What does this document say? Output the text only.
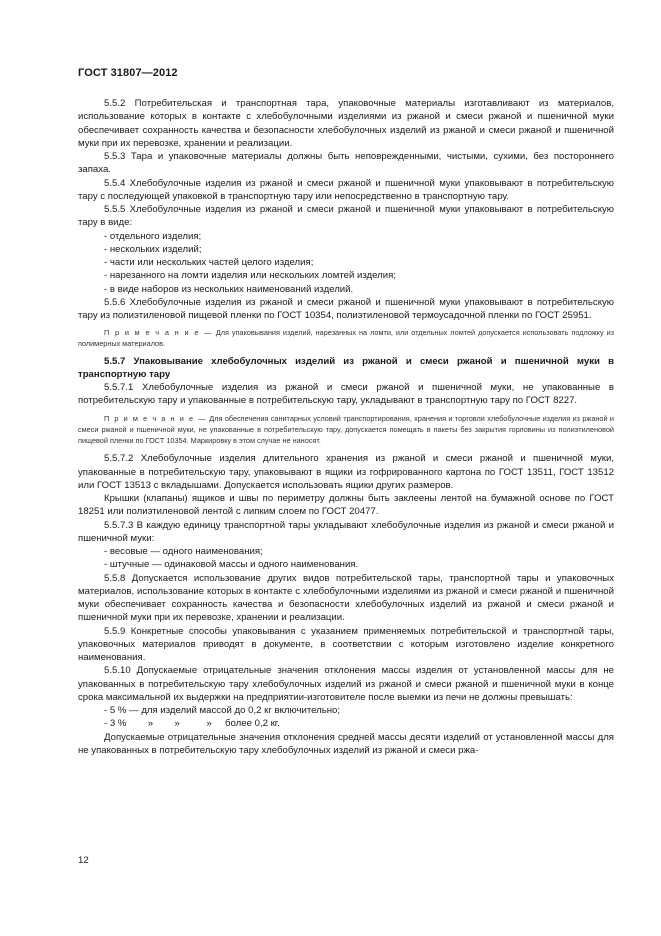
ГОСТ 31807—2012

5.5.2 Потребительская и транспортная тара, упаковочные материалы изготавливают из материалов, использование которых в контакте с хлебобулочными изделиями из ржаной и смеси ржаной и пшеничной муки обеспечивает сохранность качества и безопасности хлебобулочных изделий из ржаной и смеси ржаной и пшеничной муки при их перевозке, хранении и реализации.

5.5.3 Тара и упаковочные материалы должны быть неповрежденными, чистыми, сухими, без постороннего запаха.

5.5.4 Хлебобулочные изделия из ржаной и смеси ржаной и пшеничной муки упаковывают в потребительскую тару с последующей упаковкой в транспортную тару или непосредственно в транспортную тару.

5.5.5 Хлебобулочные изделия из ржаной и смеси ржаной и пшеничной муки упаковывают в потребительскую тару в виде:

- отдельного изделия;

- нескольких изделий;

- части или нескольких частей целого изделия;

- нарезанного на ломти изделия или нескольких ломтей изделия;

- в виде наборов из нескольких наименований изделий.

5.5.6 Хлебобулочные изделия из ржаной и смеси ржаной и пшеничной муки упаковывают в потребительскую тару из полиэтиленовой пищевой пленки по ГОСТ 10354, полиэтиленовой термоусадочной пленки по ГОСТ 25951.

П р и м е ч а н и е — Для упаковывания изделий, нарезанных на ломти, или отдельных ломтей допускается использовать подложку из полимерных материалов.

5.5.7 Упаковывание хлебобулочных изделий из ржаной и смеси ржаной и пшеничной муки в транспортную тару

5.5.7.1 Хлебобулочные изделия из ржаной и смеси ржаной и пшеничной муки, не упакованные в потребительскую тару и упакованные в потребительскую тару, укладывают в транспортную тару по ГОСТ 8227.

П р и м е ч а н и е — Для обеспечения санитарных условий транспортирования, хранения и торговли хлебобулочные изделия из ржаной и смеси ржаной и пшеничной муки, не упакованные в потребительскую тару, допускается помещать в пакеты без закрытия горловины из полиэтиленовой пищевой пленки по ГОСТ 10354. Маркировку в этом случае не наносят.

5.5.7.2 Хлебобулочные изделия длительного хранения из ржаной и смеси ржаной и пшеничной муки, упакованные в потребительскую тару, упаковывают в ящики из гофрированного картона по ГОСТ 13511, ГОСТ 13512 или ГОСТ 13513 с вкладышами. Допускается использовать ящики других размеров.

Крышки (клапаны) ящиков и швы по периметру должны быть заклеены лентой на бумажной основе по ГОСТ 18251 или полиэтиленовой лентой с липким слоем по ГОСТ 20477.

5.5.7.3 В каждую единицу транспортной тары укладывают хлебобулочные изделия из ржаной и смеси ржаной и пшеничной муки:

- весовые — одного наименования;

- штучные — одинаковой массы и одного наименования.

5.5.8 Допускается использование других видов потребительской тары, транспортной тары и упаковочных материалов, использование которых в контакте с хлебобулочными изделиями из ржаной и смеси ржаной и пшеничной муки обеспечивает сохранность качества и безопасности хлебобулочных изделий из ржаной и смеси ржаной и пшеничной муки при их перевозке, хранении и реализации.

5.5.9 Конкретные способы упаковывания с указанием применяемых потребительской и транспортной тары, упаковочных материалов приводят в документе, в соответствии с которым изготовлено изделие конкретного наименования.

5.5.10 Допускаемые отрицательные значения отклонения массы изделия от установленной массы для не упакованных в потребительскую тару хлебобулочных изделий из ржаной и смеси ржаной и пшеничной муки в конце срока максимальной их выдержки на предприятии-изготовителе после выемки из печи не должны превышать:

- 5 % — для изделий массой до 0,2 кг включительно;

- 3 %        »        »          »     более 0,2 кг.

Допускаемые отрицательные значения отклонения средней массы десяти изделий от установленной массы для не упакованных в потребительскую тару хлебобулочных изделий из ржаной и смеси ржа-

12
